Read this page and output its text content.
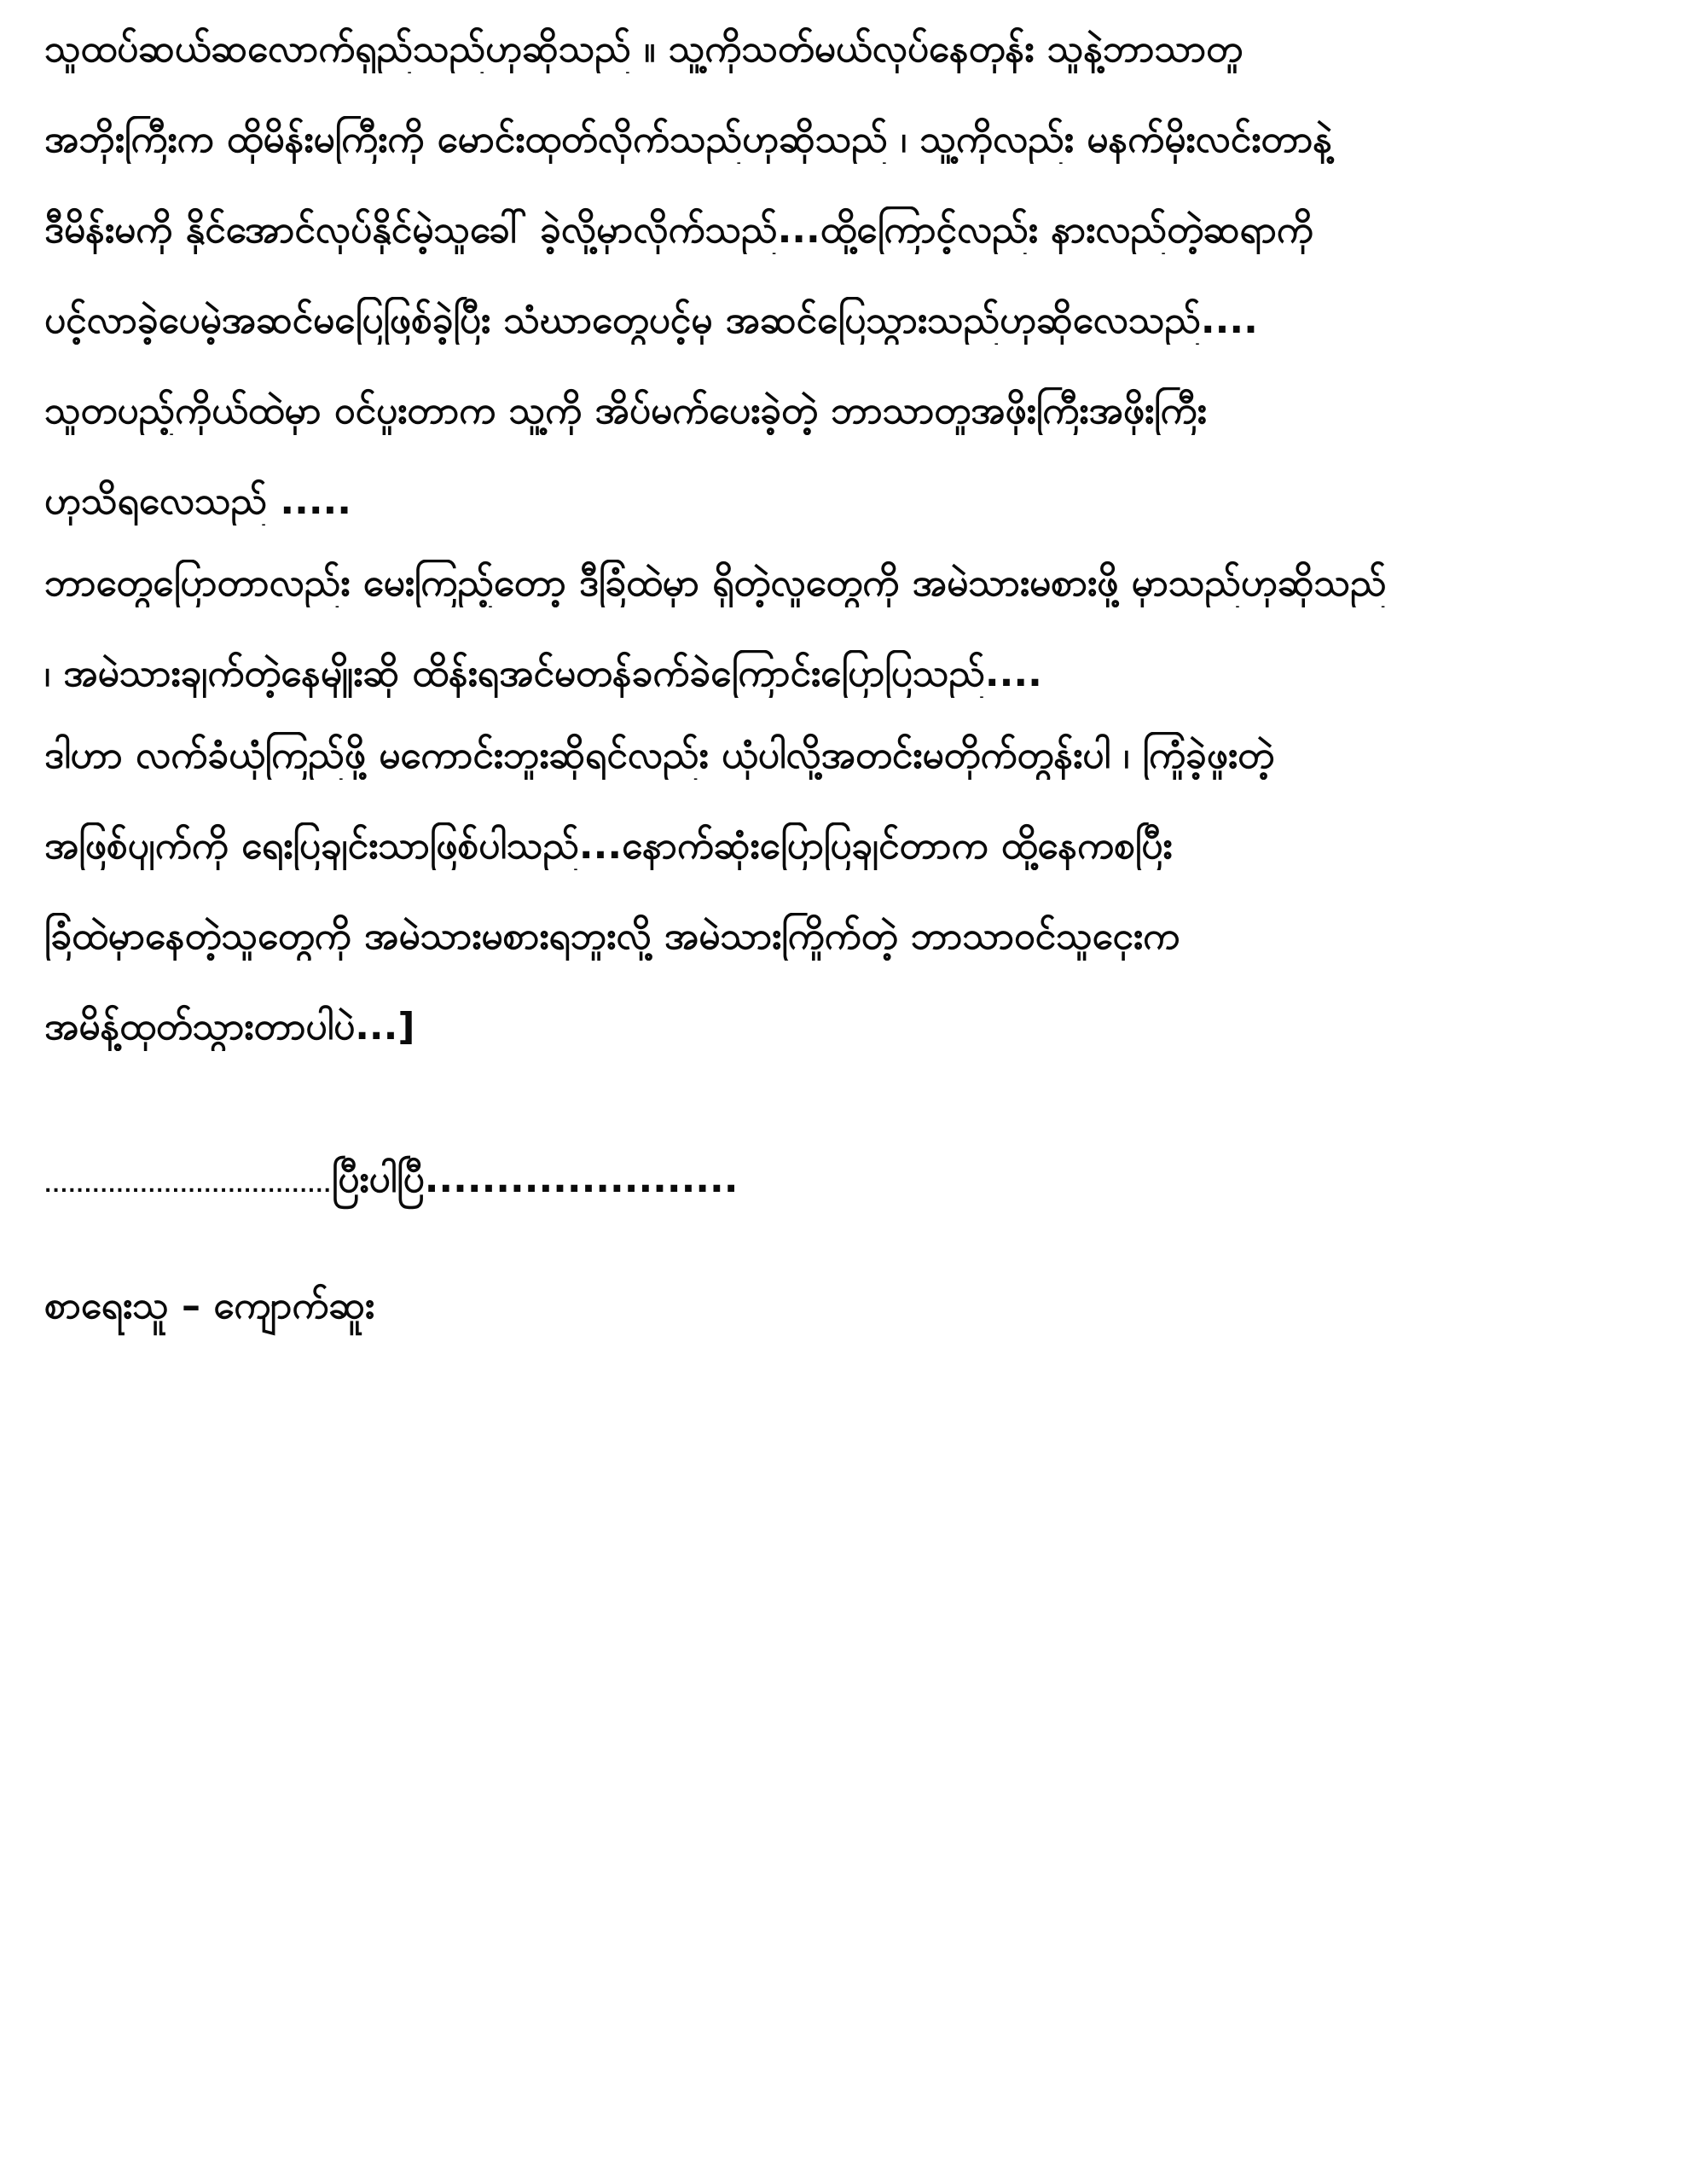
သူထပ်ဆယ်ဆလောက်ရှည်သည်ဟုဆိုသည် ။ သူ့ကိုသတ်မယ်လုပ်နေတုန်း သူနဲ့ဘာသာတူ

အဘိုးကြီးက ထိုမိန်းမကြီးကို မောင်းထုတ်လိုက်သည်ဟုဆိုသည် ၊ သူ့ကိုလည်း မနက်မိုးလင်းတာနဲ့

ဒီမိန်းမကို နိုင်အောင်လုပ်နိုင်မဲ့သူခေါ် ခဲ့လို့မှာလိုက်သည်...ထို့ကြောင့်လည်း နားလည်တဲ့ဆရာကို

ပင့်လာခဲ့ပေမဲ့အဆင်မပြေဖြစ်ခဲ့ပြီး သံဃာတွေပင့်မှ အဆင်ပြေသွားသည်ဟုဆိုလေသည်....

သူတပည့်ကိုယ်ထဲမှာ ဝင်ပူးတာက သူ့ကို အိပ်မက်ပေးခဲ့တဲ့ ဘာသာတူအဖိုးကြီးအဖိုးကြီး

ဟုသိရလေသည် .....

ဘာတွေပြောတာလည်း မေးကြည့်တော့ ဒီခြံထဲမှာ ရှိတဲ့လူတွေကို အမဲသားမစားဖို့ မှာသည်ဟုဆိုသည်

၊ အမဲသားချက်တဲ့နေမျိုးဆို ထိန်းရအင်မတန်ခက်ခဲကြောင်းပြောပြသည်....

ဒါဟာ လက်ခံယုံကြည်ဖို့ မကောင်းဘူးဆိုရင်လည်း ယုံပါလို့အတင်းမတိုက်တွန်းပါ ၊ ကြုံခဲ့ဖူးတဲ့

အဖြစ်ပျက်ကို ရေးပြချင်းသာဖြစ်ပါသည်...နောက်ဆုံးပြောပြချင်တာက ထို့နေကစပြီး

ခြံထဲမှာနေတဲ့သူတွေကို အမဲသားမစားရဘူးလို့ အမဲသားကြိုက်တဲ့ ဘာသာဝင်သူငှေးက

အမိန့်ထုတ်သွားတာပါပဲ...]

....................................ပြီးပါပြီ......................
စာရေးသူ – ကျောက်ဆူး
